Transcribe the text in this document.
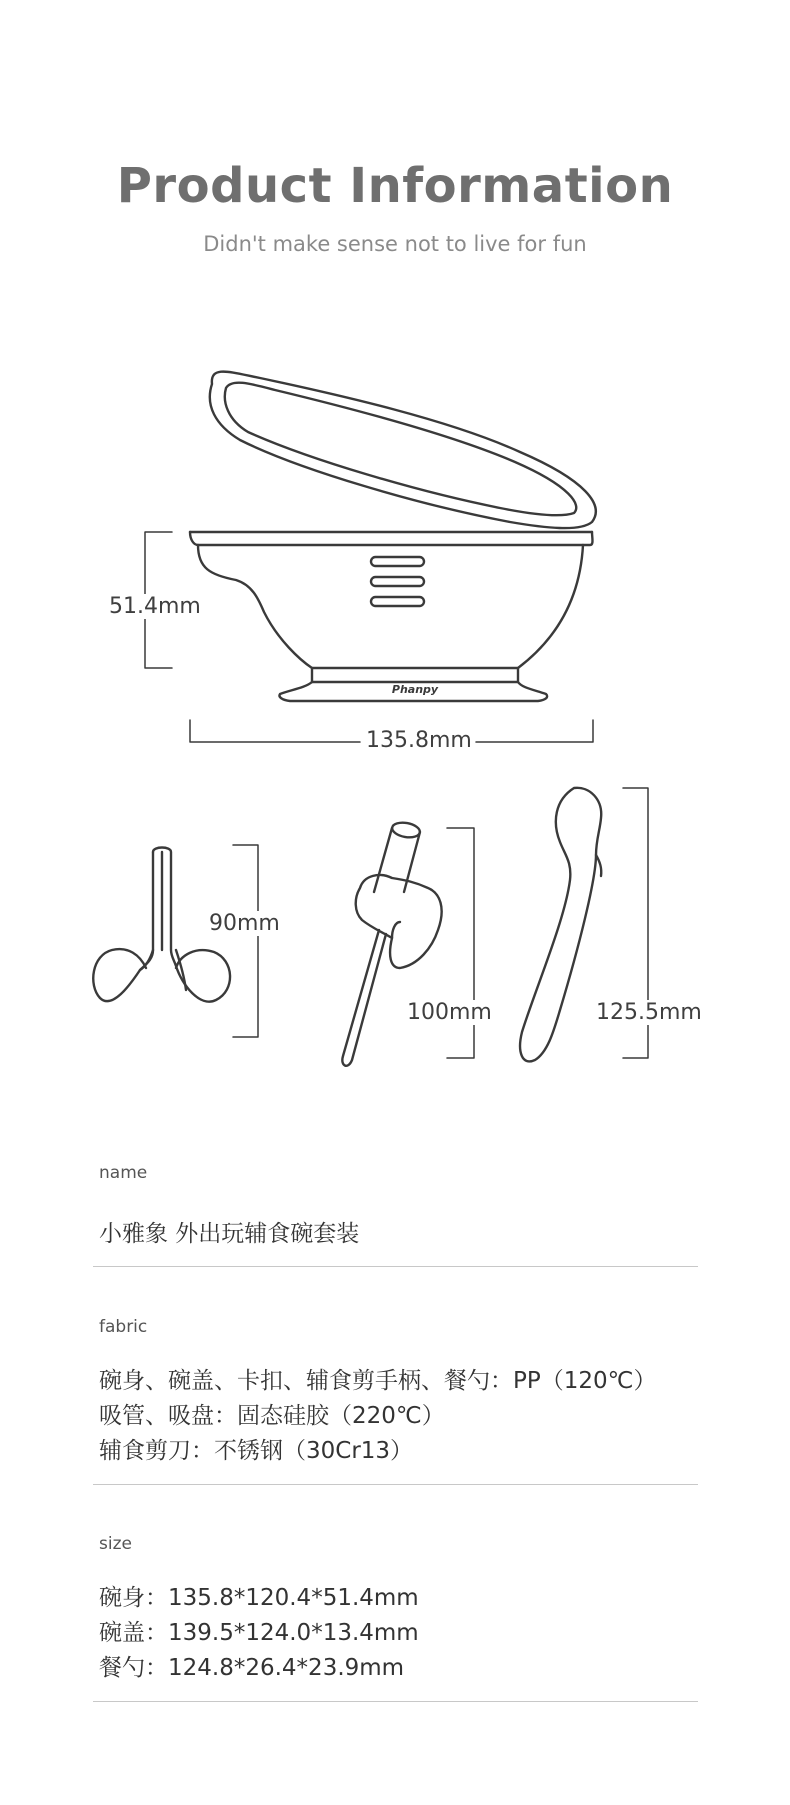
Product Information
Didn't make sense not to live for fun
Phanpy
51.4mm
135.8mm
90mm
100mm	125.5mm
name
小雅象 外出玩辅食碗套装
fabric
碗身、碗盖、卡扣、辅食剪手柄、餐勺：PP（120℃）
吸管、吸盘：固态硅胶（220℃）
辅食剪刀：不锈钢（30Cr13）
size
碗身：135.8*120.4*51.4mm
碗盖：139.5*124.0*13.4mm
餐勺：124.8*26.4*23.9mm
